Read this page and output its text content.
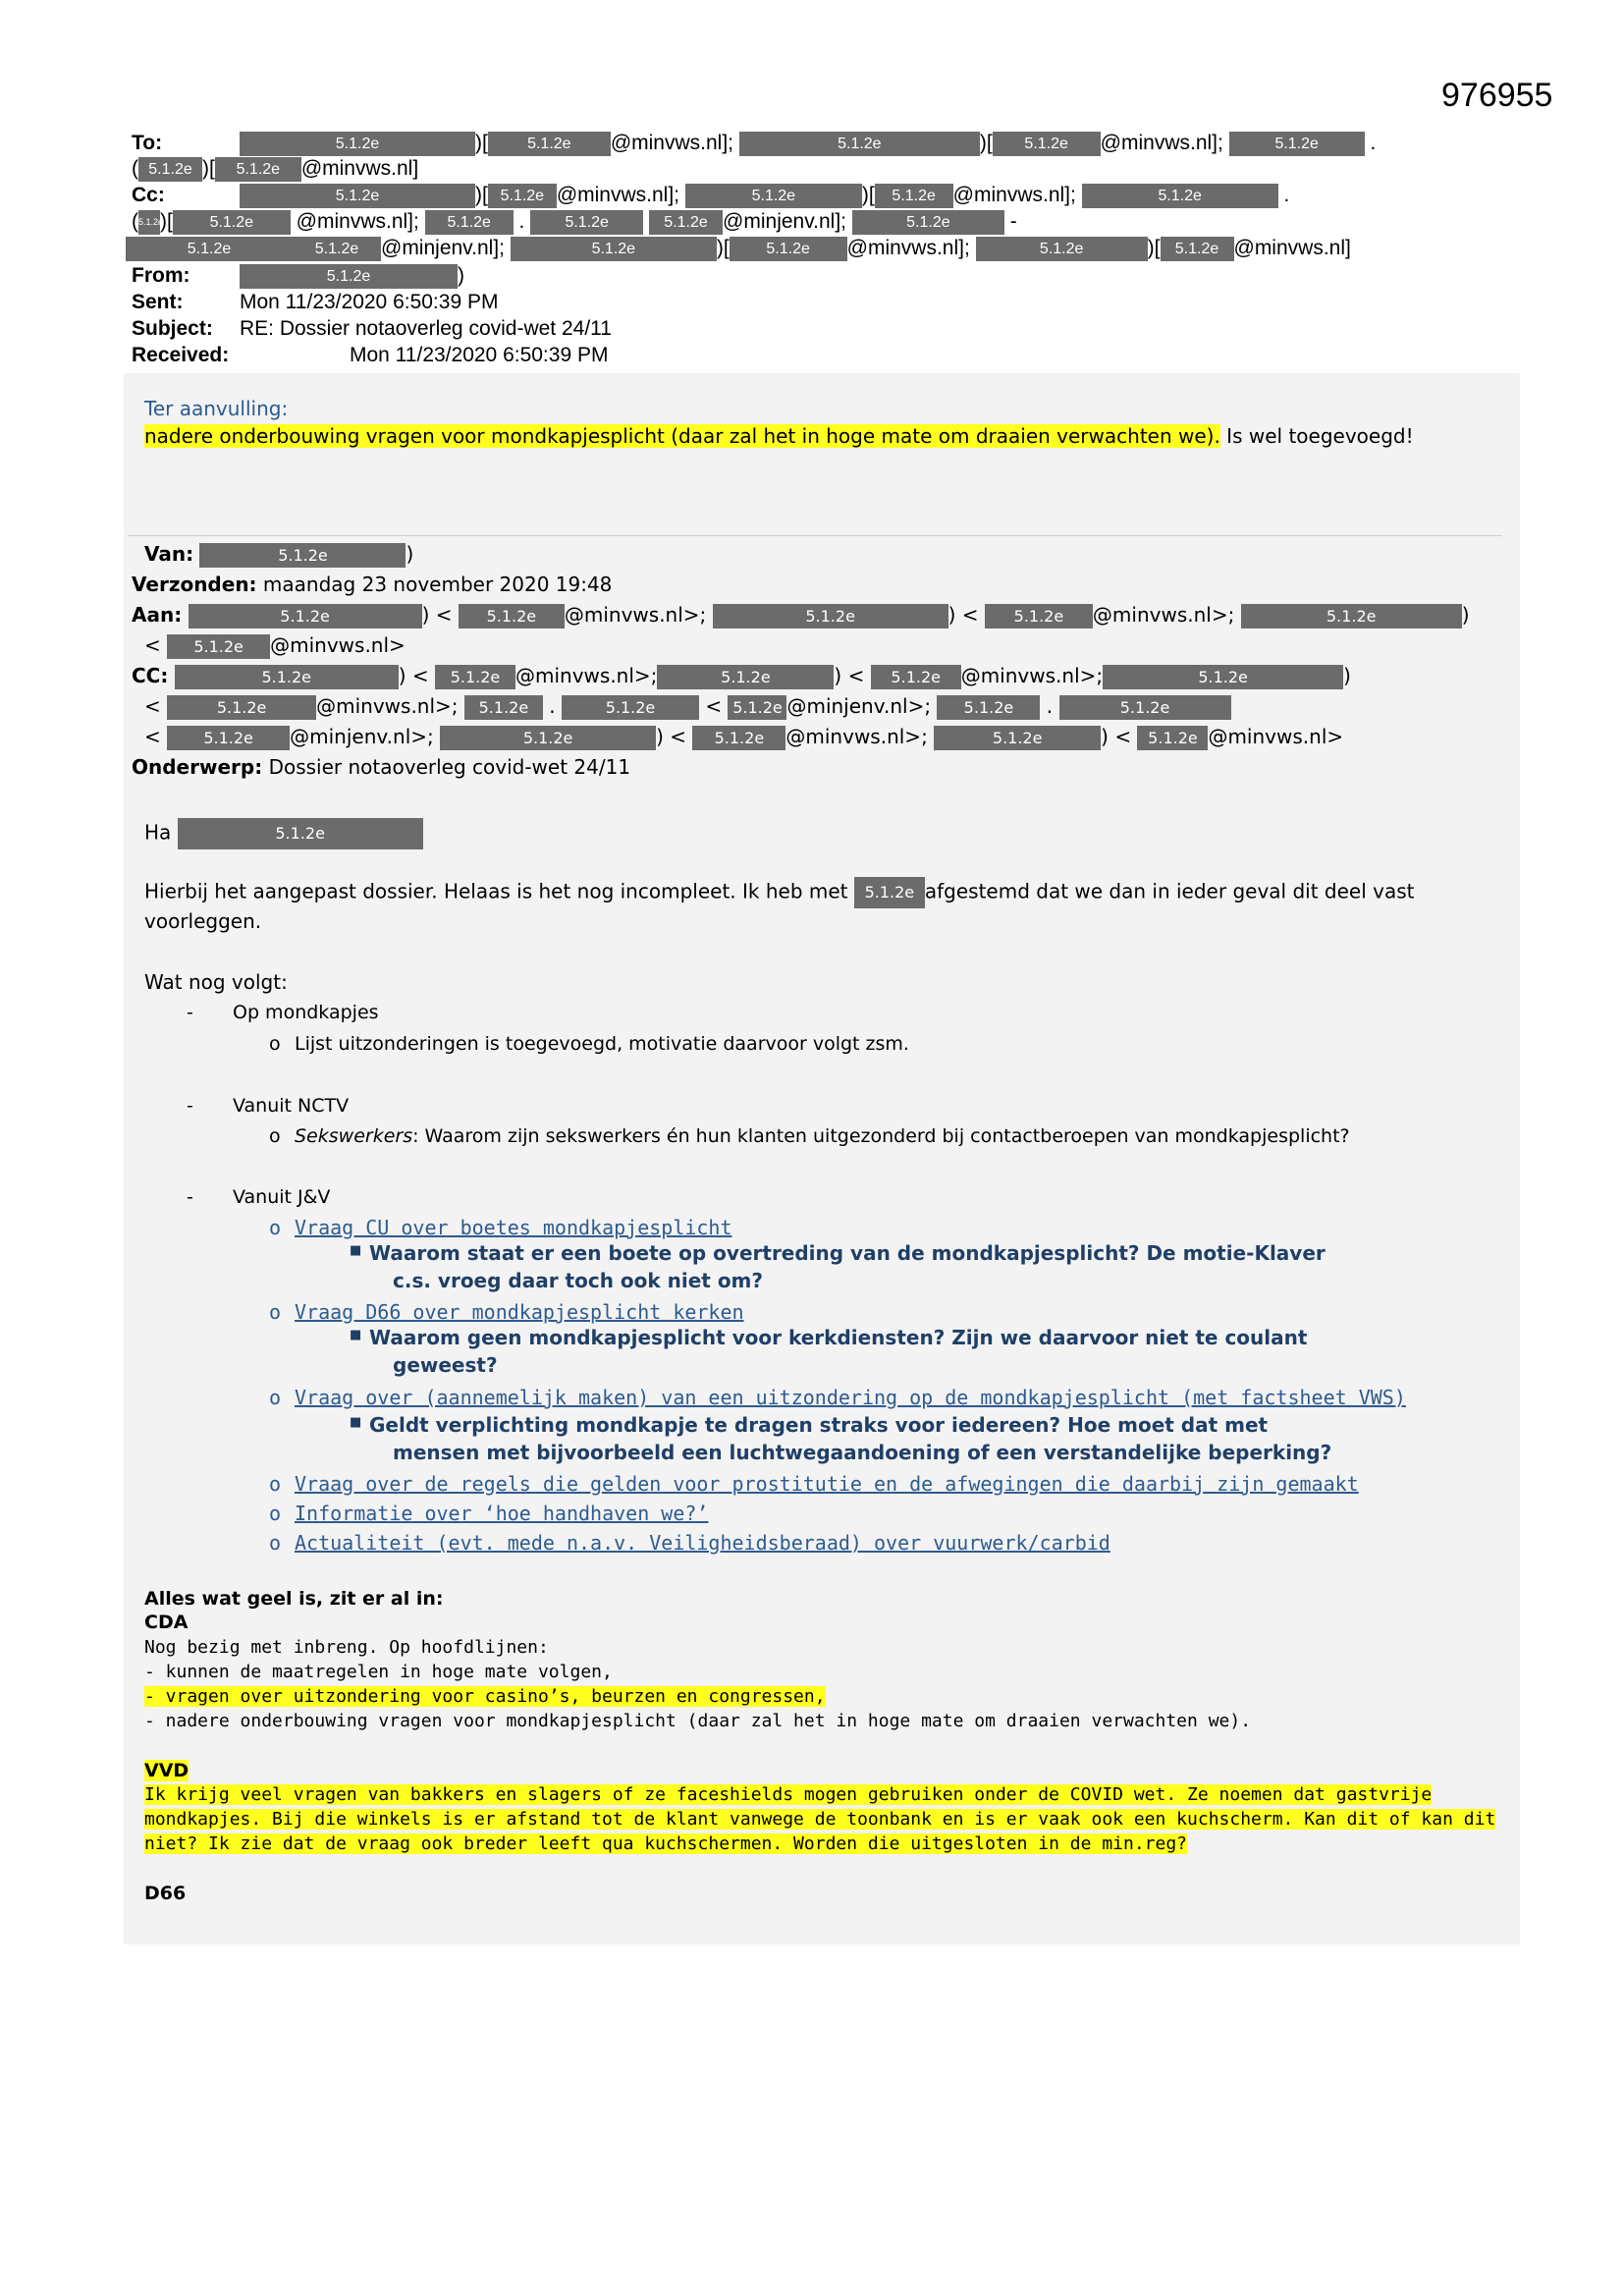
976955
To:	5.1.2e	)[	5.1.2e @minvws.nl];	5.1.2e	)[ 5.1.2e @minvws.nl];	5.1.2e .
( 5.1.2e )[ 5.1.2e @minvws.nl]
Cc:	5.1.2e	)[ 5.1.2e @minvws.nl];	5.1.2e	)[ 5.1.2e @minvws.nl];	5.1.2e	.
(5.1.2e)[ 5.1.2e @minvws.nl]; 5.1.2e . 5.1.2e	5.1.2e @minjenv.nl];	5.1.2e	-
5.1.2e	5.1.2e @minjenv.nl];	5.1.2e	)[ 5.1.2e @minvws.nl];	5.1.2e	)[ 5.1.2e @minvws.nl]
From:	5.1.2e	)
Sent:	Mon 11/23/2020 6:50:39 PM
Subject: RE: Dossier notaoverleg covid-wet 24/11
Received:	Mon 11/23/2020 6:50:39 PM
Ter aanvulling:
nadere onderbouwing vragen voor mondkapjesplicht (daar zal het in hoge mate om draaien verwachten we). Is wel toegevoegd!
Van:	5.1.2e	)
Verzonden: maandag 23 november 2020 19:48
Aan:	5.1.2e	) < 5.1.2e @minvws.nl>;	5.1.2e	) < 5.1.2e @minvws.nl>;	5.1.2e	)
< 5.1.2e @minvws.nl>
CC:	5.1.2e	) < 5.1.2e @minvws.nl>;	5.1.2e	) < 5.1.2e @minvws.nl>;	5.1.2e	)
<	5.1.2e	@minvws.nl>; 5.1.2e .	5.1.2e < 5.1.2e @minjenv.nl>; 5.1.2e .	5.1.2e
< 5.1.2e @minjenv.nl>;	5.1.2e	) < 5.1.2e @minvws.nl>;	5.1.2e	) < 5.1.2e @minvws.nl>
Onderwerp: Dossier notaoverleg covid-wet 24/11
Ha	5.1.2e
Hierbij het aangepast dossier. Helaas is het nog incompleet. Ik heb met 5.1.2e afgestemd dat we dan in ieder geval dit deel vast
voorleggen.
Wat nog volgt:
- Op mondkapjes
o Lijst uitzonderingen is toegevoegd, motivatie daarvoor volgt zsm.
- Vanuit NCTV
o Sekswerkers: Waarom zijn sekswerkers én hun klanten uitgezonderd bij contactberoepen van mondkapjesplicht?
- Vanuit J&V
o Vraag CU over boetes mondkapjesplicht
■ Waarom staat er een boete op overtreding van de mondkapjesplicht? De motie-Klaver
c.s. vroeg daar toch ook niet om?
o Vraag D66 over mondkapjesplicht kerken
■ Waarom geen mondkapjesplicht voor kerkdiensten? Zijn we daarvoor niet te coulant
geweest?
o Vraag over (aannemelijk maken) van een uitzondering op de mondkapjesplicht (met factsheet VWS)
■ Geldt verplichting mondkapje te dragen straks voor iedereen? Hoe moet dat met
mensen met bijvoorbeeld een luchtwegaandoening of een verstandelijke beperking?
o Vraag over de regels die gelden voor prostitutie en de afwegingen die daarbij zijn gemaakt
o Informatie over ‘hoe handhaven we?’
o Actualiteit (evt. mede n.a.v. Veiligheidsberaad) over vuurwerk/carbid
Alles wat geel is, zit er al in:
CDA
Nog bezig met inbreng. Op hoofdlijnen:
- kunnen de maatregelen in hoge mate volgen,
- vragen over uitzondering voor casino’s, beurzen en congressen,
- nadere onderbouwing vragen voor mondkapjesplicht (daar zal het in hoge mate om draaien verwachten we).
VVD
Ik krijg veel vragen van bakkers en slagers of ze faceshields mogen gebruiken onder de COVID wet. Ze noemen dat gastvrije
mondkapjes. Bij die winkels is er afstand tot de klant vanwege de toonbank en is er vaak ook een kuchscherm. Kan dit of kan dit
niet? Ik zie dat de vraag ook breder leeft qua kuchschermen. Worden die uitgesloten in de min.reg?
D66
